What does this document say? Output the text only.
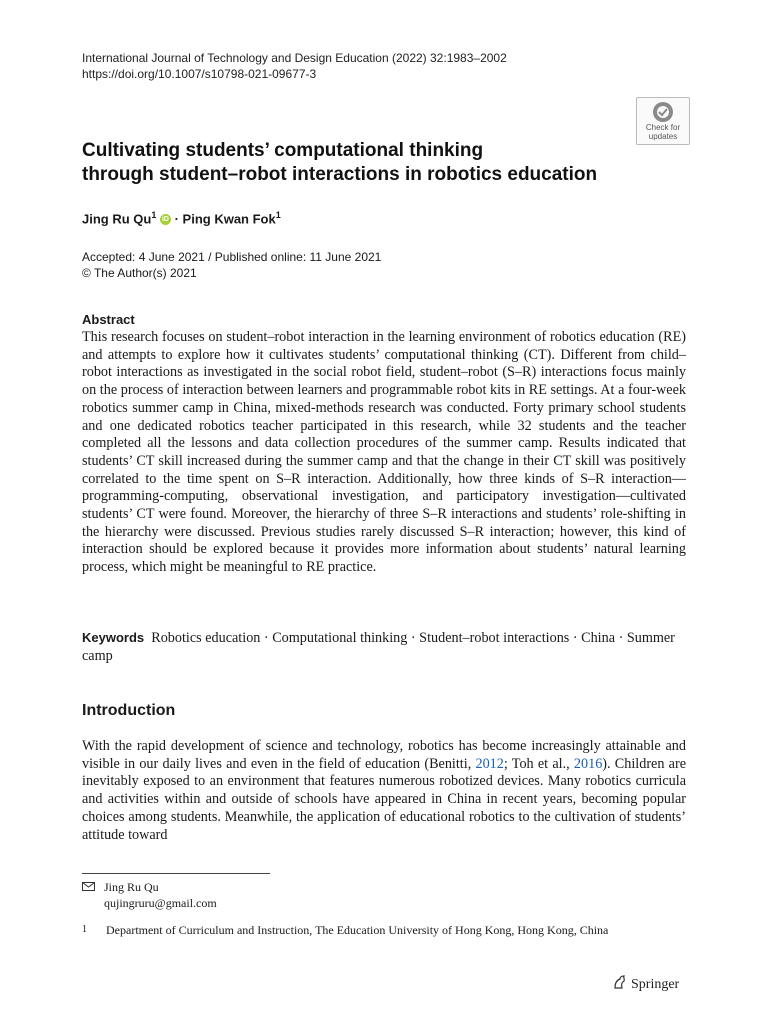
International Journal of Technology and Design Education (2022) 32:1983–2002
https://doi.org/10.1007/s10798-021-09677-3
Check for
updates
Cultivating students’ computational thinking
through student–robot interactions in robotics education
Jing Ru Qu$^1$ iD · Ping Kwan Fok$^1$
Accepted: 4 June 2021 / Published online: 11 June 2021
© The Author(s) 2021
Abstract

This research focuses on student–robot interaction in the learning environment of robotics education (RE) and attempts to explore how it cultivates students’ computational thinking (CT). Different from child–robot interactions as investigated in the social robot field, student–robot (S–R) interactions focus mainly on the process of interaction between learners and programmable robot kits in RE settings. At a four-week robotics summer camp in China, mixed-methods research was conducted. Forty primary school students and one dedicated robotics teacher participated in this research, while 32 students and the teacher completed all the lessons and data collection procedures of the summer camp. Results indicated that students’ CT skill increased during the summer camp and that the change in their CT skill was positively correlated to the time spent on S–R interaction. Additionally, how three kinds of S–R interaction—programming-computing, observational investigation, and participatory investigation—cultivated students’ CT were found. Moreover, the hierarchy of three S–R interactions and students’ role-shifting in the hierarchy were discussed. Previous studies rarely discussed S–R interaction; however, this kind of interaction should be explored because it provides more information about students’ natural learning process, which might be meaningful to RE practice.

Keywords Robotics education · Computational thinking · Student–robot interactions · China · Summer camp
Introduction

With the rapid development of science and technology, robotics has become increasingly attainable and visible in our daily lives and even in the field of education (Benitti, 2012; Toh et al., 2016). Children are inevitably exposed to an environment that features numerous robotized devices. Many robotics curricula and activities within and outside of schools have appeared in China in recent years, becoming popular choices among students. Meanwhile, the application of educational robotics to the cultivation of students’ attitude toward

Jing Ru Qu
qujingruru@gmail.com
1	Department of Curriculum and Instruction, The Education University of Hong Kong, Hong Kong, China
Springer
